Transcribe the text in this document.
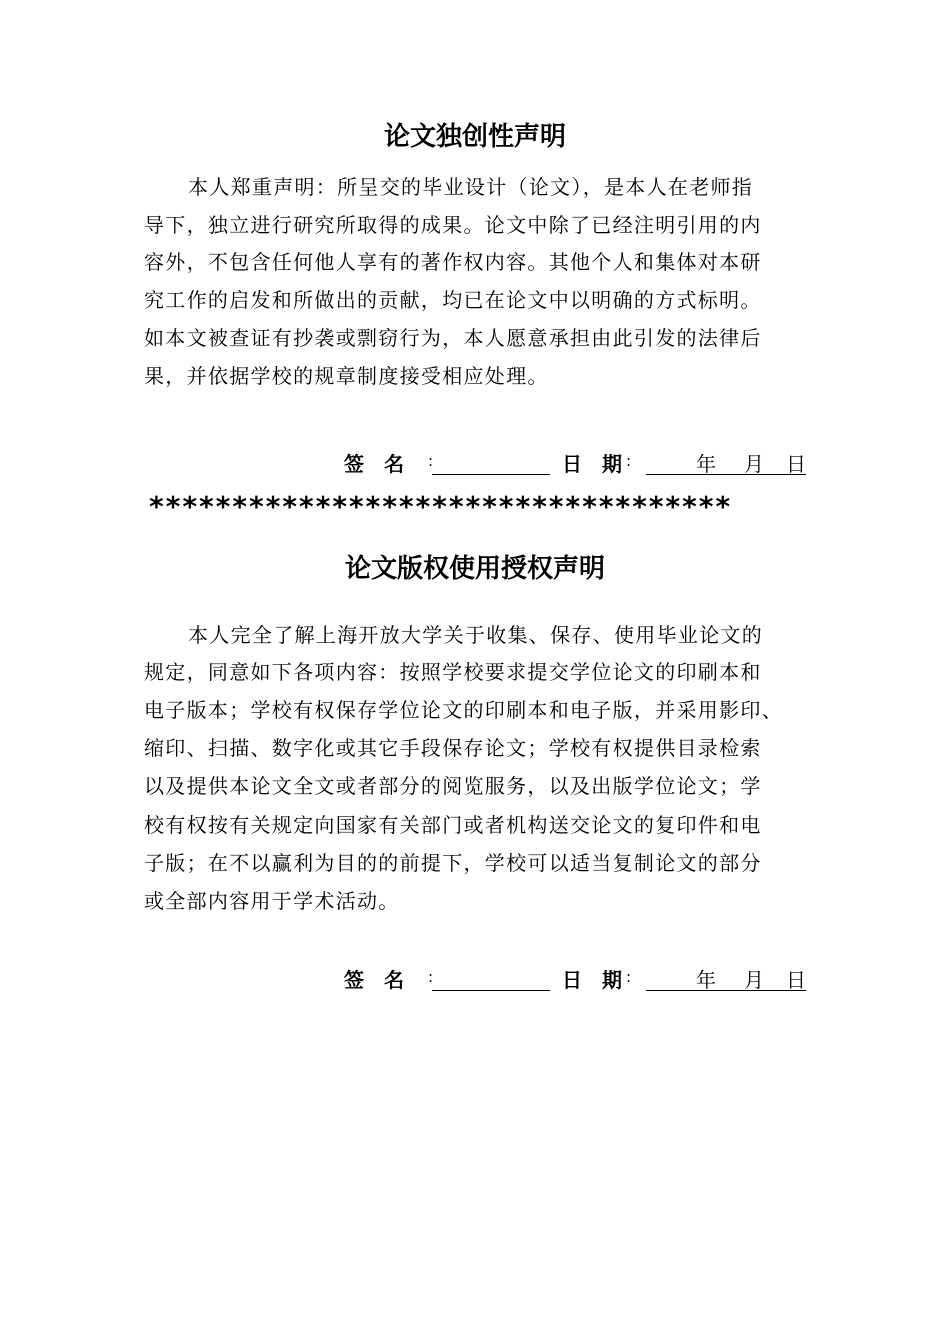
论文独创性声明
本人郑重声明：所呈交的毕业设计（论文），是本人在老师指
导下，独立进行研究所取得的成果。论文中除了已经注明引用的内
容外，不包含任何他人享有的著作权内容。其他个人和集体对本研
究工作的启发和所做出的贡献，均已在论文中以明确的方式标明。
如本文被查证有抄袭或剽窃行为，本人愿意承担由此引发的法律后
果，并依据学校的规章制度接受相应处理。
签　名 :	日　期 :	年 月 日
***********************************
论文版权使用授权声明
本人完全了解上海开放大学关于收集、保存、使用毕业论文的
规定，同意如下各项内容：按照学校要求提交学位论文的印刷本和
电子版本；学校有权保存学位论文的印刷本和电子版，并采用影印、
缩印、扫描、数字化或其它手段保存论文；学校有权提供目录检索
以及提供本论文全文或者部分的阅览服务，以及出版学位论文；学
校有权按有关规定向国家有关部门或者机构送交论文的复印件和电
子版；在不以赢利为目的的前提下，学校可以适当复制论文的部分
或全部内容用于学术活动。
签　名 :	日　期 :	年 月 日
